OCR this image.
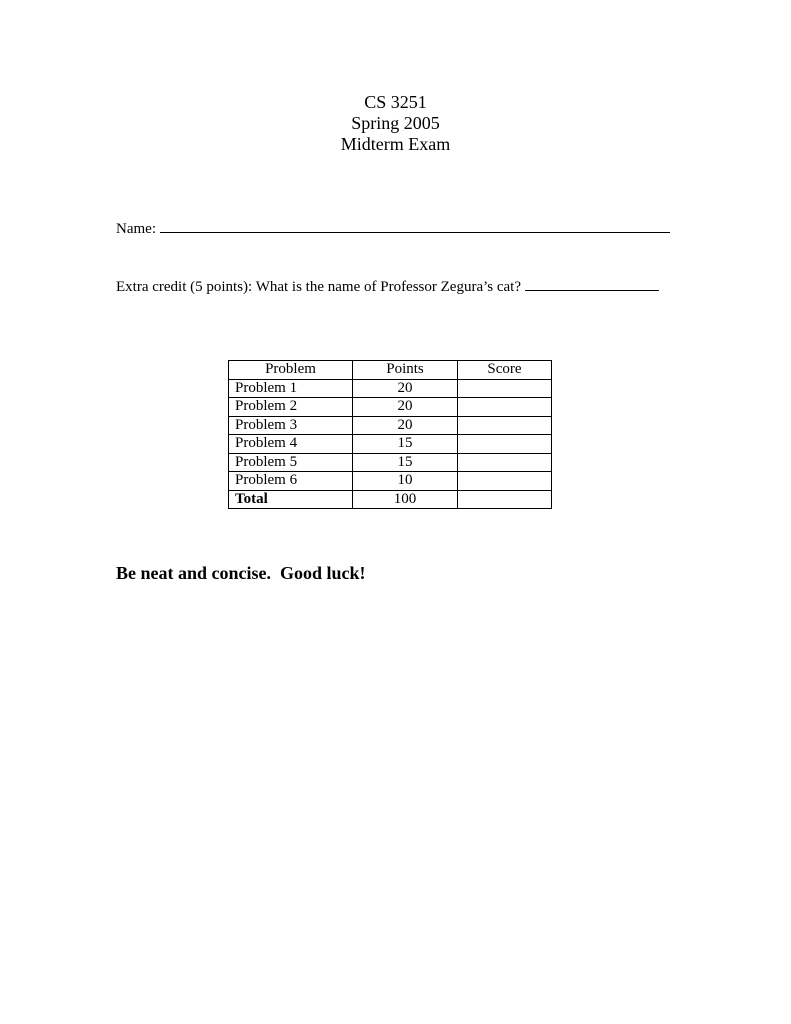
CS 3251
Spring 2005
Midterm Exam
Name:
Extra credit (5 points): What is the name of Professor Zegura’s cat?
Problem	Points	Score
Problem 1	20	
Problem 2	20	
Problem 3	20	
Problem 4	15	
Problem 5	15	
Problem 6	10	
Total	100	
Be neat and concise.  Good luck!
